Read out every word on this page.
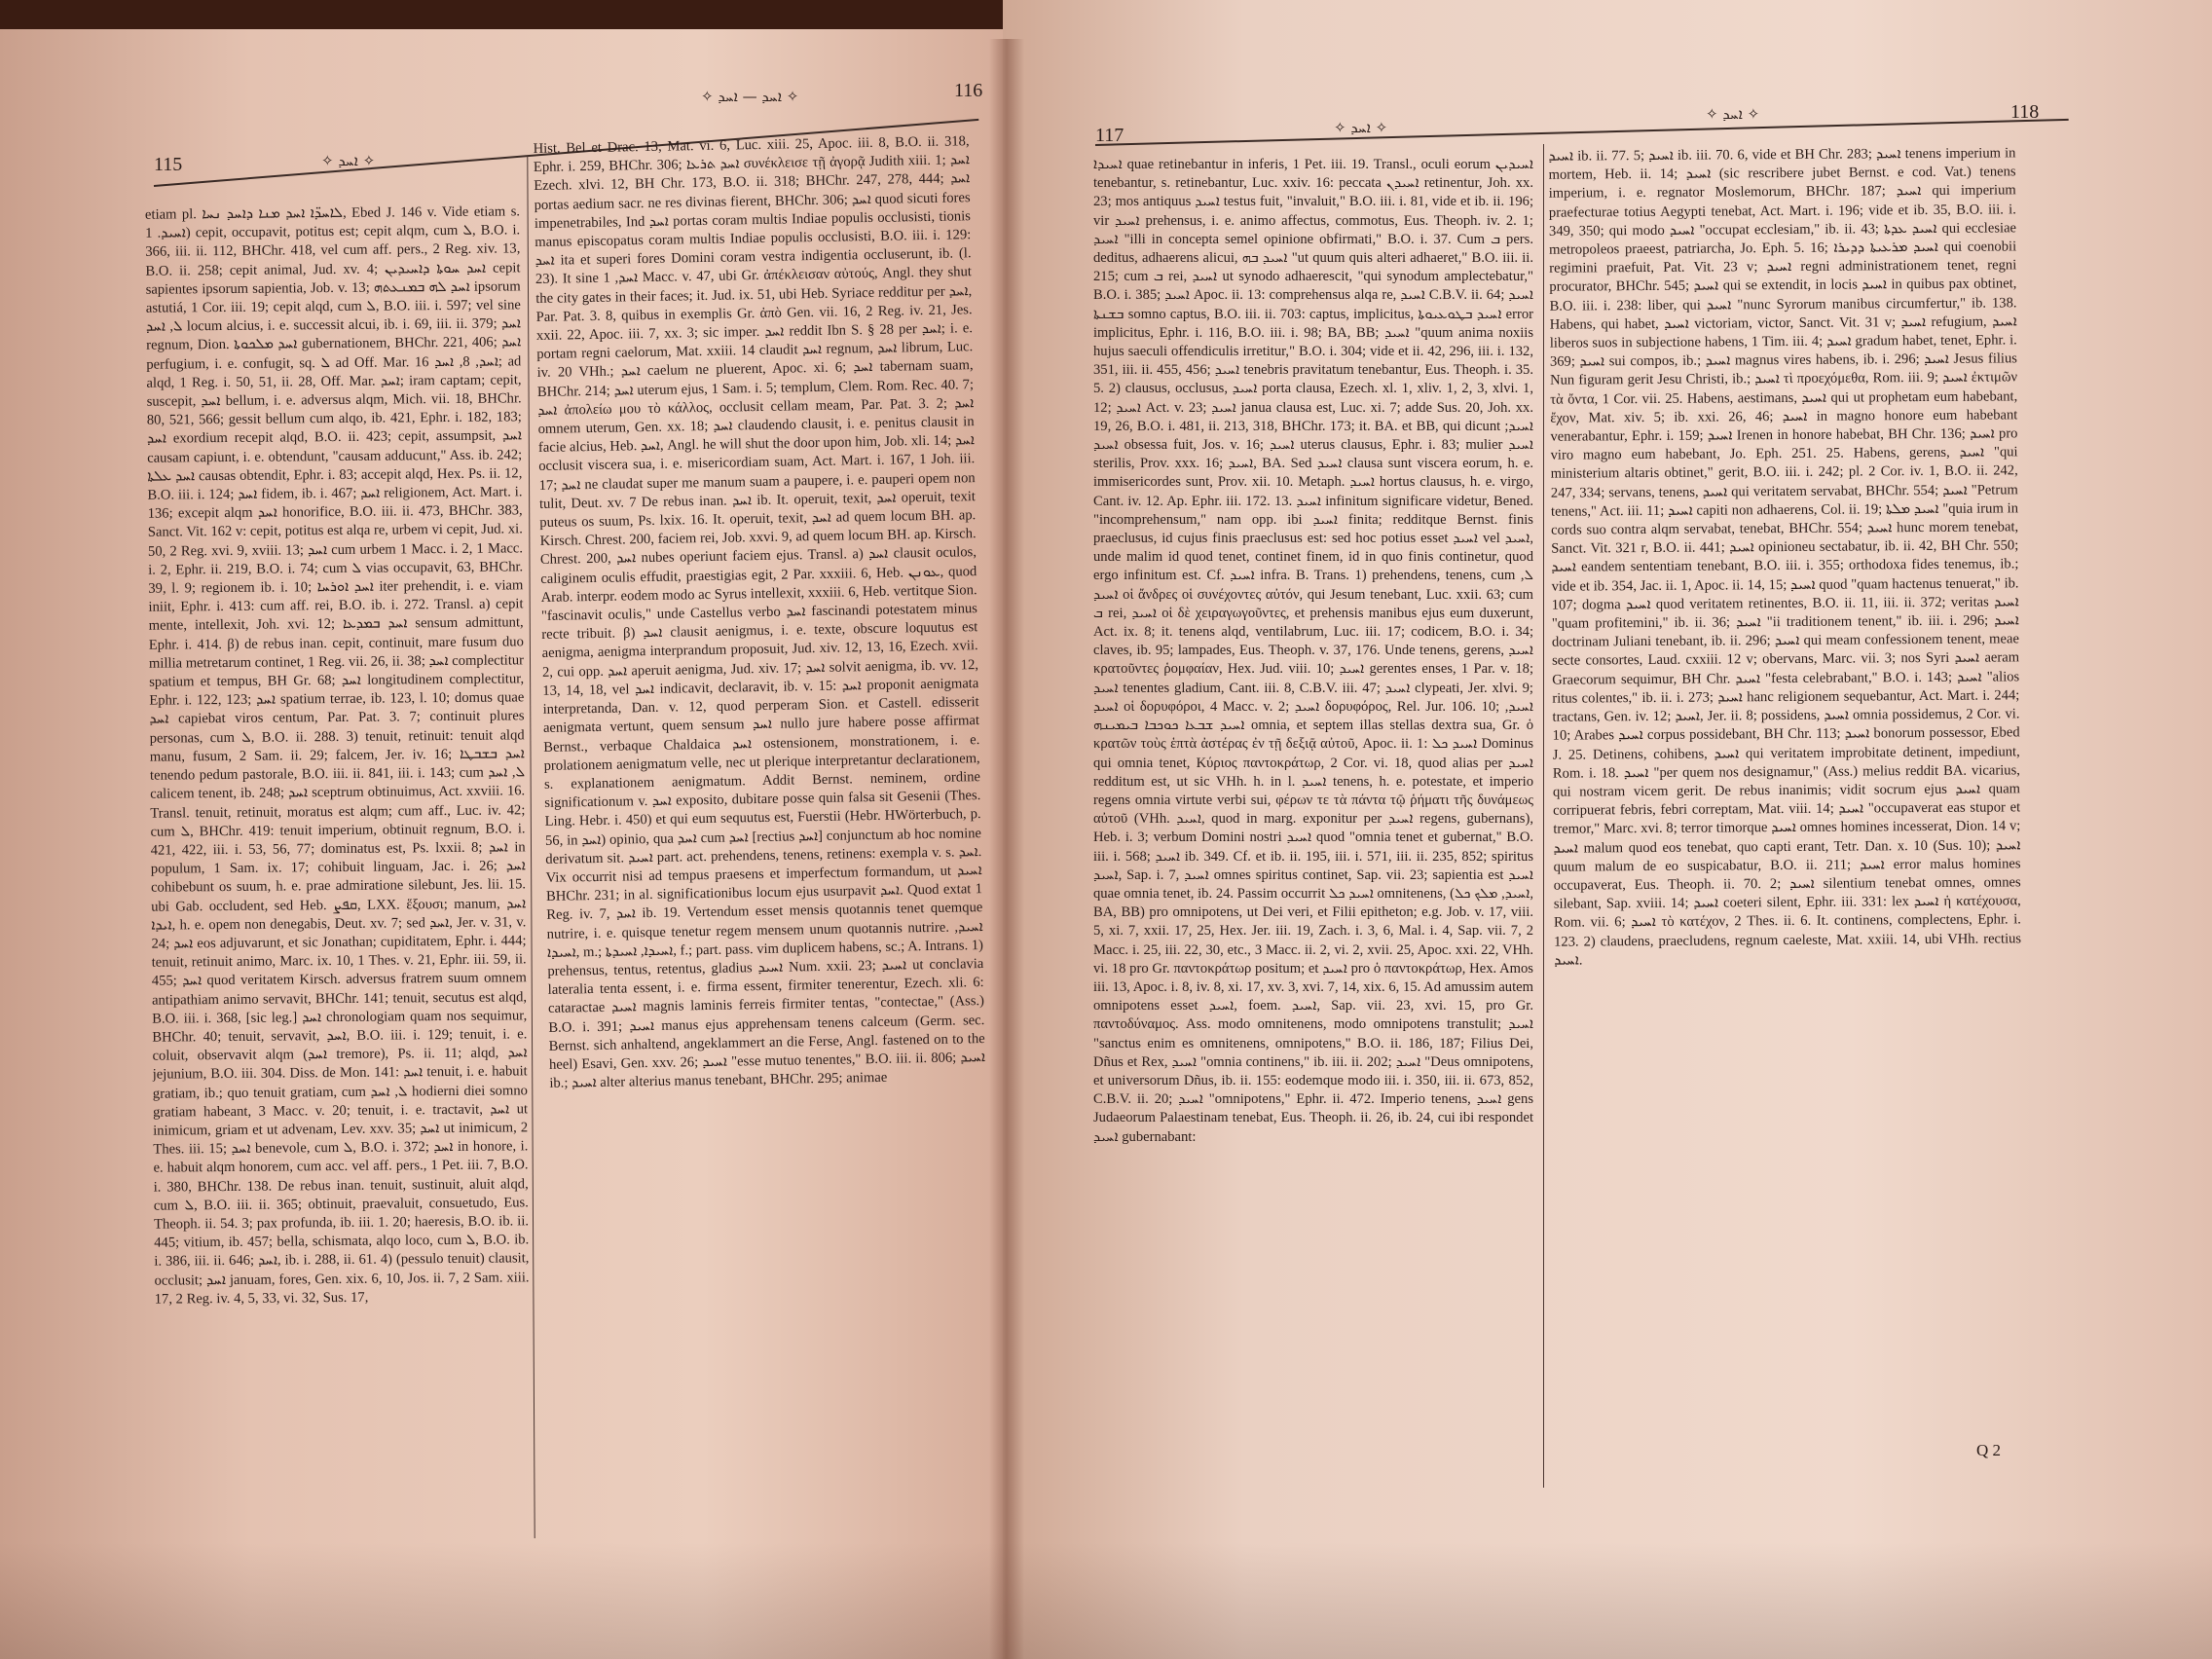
115	✧ ܐܚܕ ✧
✧ ܐܚܕ — ܐܚܕ ✧	116

etiam pl. ܠܐܚܕ̈ܐ ܐܚܕ ܡܢܐ ܕܐܚܕ ܢܚܐ, Ebed J. 146 v. Vide etiam s. ܐܚܝܕ. 1) cepit, occupavit, potitus est; cepit alqm, cum ܠ, B.O. i. 366, iii. ii. 112, BHChr. 418, vel cum aff. pers., 2 Reg. xiv. 13, B.O. ii. 258; cepit animal, Jud. xv. 4; ܐܚܕ ܚܘܬܐ ܕܐܚܝܕܝܢ cepit sapientes ipsorum sapientia, Job. v. 13; ܐܚܕ ܠܗ ܒܡܢܥܬܗ ipsorum astutiá, 1 Cor. iii. 19; cepit alqd, cum ܠ, B.O. iii. i. 597; vel sine ܠ, ܐܚܕ locum alcius, i. e. successit alcui, ib. i. 69, iii. ii. 379; ܐܚܕ regnum, Dion. ܐܚܕ ܡܠܟܘܬܐ gubernationem, BHChr. 221, 406; ܐܚܕ perfugium, i. e. confugit, sq. ܠ ad Off. Mar. ܐܚܕ, 8, ܐܚܕ 16; ad alqd, 1 Reg. i. 50, 51, ii. 28, Off. Mar. ܐܚܕ; iram captam; cepit, suscepit, ܐܚܕ bellum, i. e. adversus alqm, Mich. vii. 18, BHChr. 80, 521, 566; gessit bellum cum alqo, ib. 421, Ephr. i. 182, 183; ܐܚܕ exordium recepit alqd, B.O. ii. 423; cepit, assumpsit, ܐܚܕ causam capiunt, i. e. obtendunt, "causam adducunt," Ass. ib. 242; ܐܚܕ ܥܠܬܐ causas obtendit, Ephr. i. 83; accepit alqd, Hex. Ps. ii. 12, B.O. iii. i. 124; ܐܚܕ fidem, ib. i. 467; ܐܚܕ religionem, Act. Mart. i. 136; excepit alqm ܐܚܕ honorifice, B.O. iii. ii. 473, BHChr. 383, Sanct. Vit. 162 v: cepit, potitus est alqa re, urbem vi cepit, Jud. xi. 50, 2 Reg. xvi. 9, xviii. 13; ܐܚܕ cum urbem 1 Macc. i. 2, 1 Macc. i. 2, Ephr. ii. 219, B.O. i. 74; cum ܠ vias occupavit, 63, BHChr. 39, l. 9; regionem ib. i. 10; ܐܚܕ ܐܘܪܚܐ iter prehendit, i. e. viam iniit, Ephr. i. 413: cum aff. rei, B.O. ib. i. 272. Transl. a) cepit mente, intellexit, Joh. xvi. 12; ܐܚܕ ܒܡܕܥܐ sensum admittunt, Ephr. i. 414. β) de rebus inan. cepit, continuit, mare fusum duo millia metretarum continet, 1 Reg. vii. 26, ii. 38; ܐܚܕ complectitur spatium et tempus, BH Gr. 68; ܐܚܕ longitudinem complectitur, Ephr. i. 122, 123; ܐܚܕ spatium terrae, ib. 123, l. 10; domus quae ܐܚܕ capiebat viros centum, Par. Pat. 3. 7; continuit plures personas, cum ܠ, B.O. ii. 288. 3) tenuit, retinuit: tenuit alqd manu, fusum, 2 Sam. ii. 29; falcem, Jer. iv. 16; ܐܚܕ ܒܫܒܛܐ tenendo pedum pastorale, B.O. iii. ii. 841, iii. i. 143; cum ܠ, ܐܚܕ calicem tenent, ib. 248; ܐܚܕ sceptrum obtinuimus, Act. xxviii. 16. Transl. tenuit, retinuit, moratus est alqm; cum aff., Luc. iv. 42; cum ܠ, BHChr. 419: tenuit imperium, obtinuit regnum, B.O. i. 421, 422, iii. i. 53, 56, 77; dominatus est, Ps. lxxii. 8; ܐܚܕ in populum, 1 Sam. ix. 17; cohibuit linguam, Jac. i. 26; ܐܚܕ cohibebunt os suum, h. e. prae admiratione silebunt, Jes. lii. 15. ubi Gab. occludent, sed Heb. ܩܦܨ, LXX. ἕξουσι; manum, ܐܚܕ ܐܝܕܐ, h. e. opem non denegabis, Deut. xv. 7; sed ܐܚܕ, Jer. v. 31, v. 24; ܐܚܕ eos adjuvarunt, et sic Jonathan; cupiditatem, Ephr. i. 444; tenuit, retinuit animo, Marc. ix. 10, 1 Thes. v. 21, Ephr. iii. 59, ii. 455; ܐܚܕ quod veritatem Kirsch. adversus fratrem suum omnem antipathiam animo servavit, BHChr. 141; tenuit, secutus est alqd, B.O. iii. i. 368, [sic leg.] ܐܚܕ chronologiam quam nos sequimur, BHChr. 40; tenuit, servavit, ܐܚܕ, B.O. iii. i. 129; tenuit, i. e. coluit, observavit alqm (ܐܚܕ tremore), Ps. ii. 11; alqd, ܐܚܕ jejunium, B.O. iii. 304. Diss. de Mon. 141: ܐܚܕ tenuit, i. e. habuit gratiam, ib.; quo tenuit gratiam, cum ܠ, ܐܚܕ hodierni diei somno gratiam habeant, 3 Macc. v. 20; tenuit, i. e. tractavit, ܐܚܕ ut inimicum, griam et ut advenam, Lev. xxv. 35; ܐܚܕ ut inimicum, 2 Thes. iii. 15; ܐܚܕ benevole, cum ܠ, B.O. i. 372; ܐܚܕ in honore, i. e. habuit alqm honorem, cum acc. vel aff. pers., 1 Pet. iii. 7, B.O. i. 380, BHChr. 138. De rebus inan. tenuit, sustinuit, aluit alqd, cum ܠ, B.O. iii. ii. 365; obtinuit, praevaluit, consuetudo, Eus. Theoph. ii. 54. 3; pax profunda, ib. iii. 1. 20; haeresis, B.O. ib. ii. 445; vitium, ib. 457; bella, schismata, alqo loco, cum ܠ, B.O. ib. i. 386, iii. ii. 646; ܐܚܕ, ib. i. 288, ii. 61. 4) (pessulo tenuit) clausit, occlusit; ܐܚܕ januam, fores, Gen. xix. 6, 10, Jos. ii. 7, 2 Sam. xiii. 17, 2 Reg. iv. 4, 5, 33, vi. 32, Sus. 17,

Hist. Bel et Drac. 13, Mat. vi. 6, Luc. xiii. 25, Apoc. iii. 8, B.O. ii. 318, Ephr. i. 259, BHChr. 306; ܐܚܕ ܬܪܥܐ συνέκλεισε τῇ ἀγορᾷ Judith xiii. 1; ܐܚܕ Ezech. xlvi. 12, BH Chr. 173, B.O. ii. 318; BHChr. 247, 278, 444; ܐܚܕ portas aedium sacr. ne res divinas fierent, BHChr. 306; ܐܚܕ quod sicuti fores impenetrabiles, Ind ܐܚܕ portas coram multis Indiae populis occlusisti, tionis manus episcopatus coram multis Indiae populis occlusisti, B.O. iii. i. 129: ܐܚܕ ita et superi fores Domini coram vestra indigentia occluserunt, ib. (l. 23). It sine ܐܚܕ, 1 Macc. v. 47, ubi Gr. ἀπέκλεισαν αὐτούς, Angl. they shut the city gates in their faces; it. Jud. ix. 51, ubi Heb. Syriace redditur per ܐܚܕ, Par. Pat. 3. 8, quibus in exemplis Gr. ἀπὸ Gen. vii. 16, 2 Reg. iv. 21, Jes. xxii. 22, Apoc. iii. 7, xx. 3; sic imper. ܐܚܕ reddit Ibn S. § 28 per ܐܚܕ; i. e. portam regni caelorum, Mat. xxiii. 14 claudit ܐܚܕ regnum, ܐܚܕ librum, Luc. iv. 20 VHh.; ܐܚܕ caelum ne pluerent, Apoc. xi. 6; ܐܚܕ tabernam suam, BHChr. 214; ܐܚܕ uterum ejus, 1 Sam. i. 5; templum, Clem. Rom. Rec. 40. 7; ܐܚܕ ἀπολείω μου τὸ κάλλος, occlusit cellam meam, Par. Pat. 3. 2; ܐܚܕ omnem uterum, Gen. xx. 18; ܐܚܕ claudendo clausit, i. e. penitus clausit in facie alcius, Heb. ܐܚܕ, Angl. he will shut the door upon him, Job. xli. 14; ܐܚܕ occlusit viscera sua, i. e. misericordiam suam, Act. Mart. i. 167, 1 Joh. iii. 17; ܐܚܕ ne claudat super me manum suam a paupere, i. e. pauperi opem non tulit, Deut. xv. 7 De rebus inan. ܐܚܕ ib. It. operuit, texit, ܐܚܕ operuit, texit puteus os suum, Ps. lxix. 16. It. operuit, texit, ܐܚܕ ad quem locum BH. ap. Kirsch. Chrest. 200, faciem rei, Job. xxvi. 9, ad quem locum BH. ap. Kirsch. Chrest. 200, ܐܚܕ nubes operiunt faciem ejus. Transl. a) ܐܚܕ clausit oculos, caliginem oculis effudit, praestigias egit, 2 Par. xxxiii. 6, Heb. ܥܘܢܢ, quod Arab. interpr. eodem modo ac Syrus intellexit, xxxiii. 6, Heb. vertitque Sion. "fascinavit oculis," unde Castellus verbo ܐܚܕ fascinandi potestatem minus recte tribuit. β) ܐܚܕ clausit aenigmus, i. e. texte, obscure loquutus est aenigma, aenigma interprandum proposuit, Jud. xiv. 12, 13, 16, Ezech. xvii. 2, cui opp. ܐܚܕ aperuit aenigma, Jud. xiv. 17; ܐܚܕ solvit aenigma, ib. vv. 12, 13, 14, 18, vel ܐܚܕ indicavit, declaravit, ib. v. 15: ܐܚܕ proponit aenigmata interpretanda, Dan. v. 12, quod perperam Sion. et Castell. edisserit aenigmata vertunt, quem sensum ܐܚܕ nullo jure habere posse affirmat Bernst., verbaque Chaldaica ܐܚܕ ostensionem, monstrationem, i. e. prolationem aenigmatum velle, nec ut plerique interpretantur declarationem, s. explanationem aenigmatum. Addit Bernst. neminem, ordine significationum v. ܐܚܕ exposito, dubitare posse quin falsa sit Gesenii (Thes. Ling. Hebr. i. 450) et qui eum sequutus est, Fuerstii (Hebr. HWörterbuch, p. 56, in ܐܚܕ) opinio, qua ܐܚܕ cum ܐܚܕ [rectius ܐܚܕ] conjunctum ab hoc nomine derivatum sit. ܐܚܝܕ part. act. prehendens, tenens, retinens: exempla v. s. ܐܚܕ. Vix occurrit nisi ad tempus praesens et imperfectum formandum, ut ܐܚܝܕ BHChr. 231; in al. significationibus locum ejus usurpavit ܐܚܕ. Quod extat 1 Reg. iv. 7, ܐܚܕ ib. 19. Vertendum esset mensis quotannis tenet quemque nutrire, i. e. quisque tenetur regem mensem unum quotannis nutrire. ܐܚܝܕ, ܐܚܝܕܐ, m.; ܐܚܝܕܐ, ܐܚܝܕܬܐ, f.; part. pass. vim duplicem habens, sc.; A. Intrans. 1) prehensus, tentus, retentus, gladius ܐܚܝܕ Num. xxii. 23; ܐܚܝܕ ut conclavia lateralia tenta essent, i. e. firma essent, firmiter tenerentur, Ezech. xli. 6: cataractae ܐܚܝܕ magnis laminis ferreis firmiter tentas, "contectae," (Ass.) B.O. i. 391; ܐܚܝܕ manus ejus apprehensam tenens calceum (Germ. sec. Bernst. sich anhaltend, angeklammert an die Ferse, Angl. fastened on to the heel) Esavi, Gen. xxv. 26; ܐܚܝܕ "esse mutuo tenentes," B.O. iii. ii. 806; ܐܚܝܕ ib.; ܐܚܝܕ alter alterius manus tenebant, BHChr. 295; animae

117	✧ ܐܚܕ ✧
✧ ܐܚܕ ✧	118

ܐܚܝܕܐ quae retinebantur in inferis, 1 Pet. iii. 19. Transl., oculi eorum ܐܚܝܕܝܢ tenebantur, s. retinebantur, Luc. xxiv. 16: peccata ܐܚܝܕܢ retinentur, Joh. xx. 23; mos antiquus ܐܚܝܕ testus fuit, "invaluit," B.O. iii. i. 81, vide et ib. ii. 196; vir ܐܚܝܕ prehensus, i. e. animo affectus, commotus, Eus. Theoph. iv. 2. 1; ܐܚܝܕ "illi in concepta semel opinione obfirmati," B.O. i. 37. Cum ܒ pers. deditus, adhaerens alicui, ܐܚܝܕ ܒܗ "ut quum quis alteri adhaeret," B.O. iii. ii. 215; cum ܒ rei, ܐܚܝܕ ut synodo adhaerescit, "qui synodum amplectebatur," B.O. i. 385; ܐܚܝܕ Apoc. ii. 13: comprehensus alqa re, ܐܚܝܕ C.B.V. ii. 64; ܐܚܝܕ ܒܫܢܬܐ somno captus, B.O. iii. ii. 703: captus, implicitus, ܐܚܝܕ ܒܛܘܥܝܘܬܐ error implicitus, Ephr. i. 116, B.O. iii. i. 98; BA, BB; ܐܚܝܕ "quum anima noxiis hujus saeculi offendiculis irretitur," B.O. i. 304; vide et ii. 42, 296, iii. i. 132, 351, iii. ii. 455, 456; ܐܚܝܕ tenebris pravitatum tenebantur, Eus. Theoph. i. 35. 5. 2) clausus, occlusus, ܐܚܝܕ porta clausa, Ezech. xl. 1, xliv. 1, 2, 3, xlvi. 1, 12; ܐܚܝܕ Act. v. 23; ܐܚܝܕ janua clausa est, Luc. xi. 7; adde Sus. 20, Joh. xx. 19, 26, B.O. i. 481, ii. 213, 318, BHChr. 173; it. BA. et BB, qui dicunt ܐܚܝܕ; ܐܚܝܕ obsessa fuit, Jos. v. 16; ܐܚܝܕ uterus clausus, Ephr. i. 83; mulier ܐܚܝܕ sterilis, Prov. xxx. 16; ܐܚܝܕ, BA. Sed ܐܚܝܕ clausa sunt viscera eorum, h. e. immisericordes sunt, Prov. xii. 10. Metaph. ܐܚܝܕ hortus clausus, h. e. virgo, Cant. iv. 12. Ap. Ephr. iii. 172. 13. ܐܚܝܕ infinitum significare videtur, Bened. "incomprehensum," nam opp. ibi ܐܚܝܕ finita; redditque Bernst. finis praeclusus, id cujus finis praeclusus est: sed hoc potius esset ܐܚܝܕ vel ܐܚܝܕ, unde malim id quod tenet, continet finem, id in quo finis continetur, quod ergo infinitum est. Cf. ܐܚܝܕ infra. B. Trans. 1) prehendens, tenens, cum ܠ, ܐܚܝܕ οἱ ἄνδρες οἱ συνέχοντες αὐτόν, qui Jesum tenebant, Luc. xxii. 63; cum ܒ rei, ܐܚܝܕ οἱ δὲ χειραγωγοῦντες, et prehensis manibus ejus eum duxerunt, Act. ix. 8; it. tenens alqd, ventilabrum, Luc. iii. 17; codicem, B.O. i. 34; claves, ib. 95; lampades, Eus. Theoph. v. 37, 176. Unde tenens, gerens, ܐܚܝܕ κρατοῦντες ῥομφαίαν, Hex. Jud. viii. 10; ܐܚܝܕ gerentes enses, 1 Par. v. 18; ܐܚܝܕ tenentes gladium, Cant. iii. 8, C.B.V. iii. 47; ܐܚܝܕ clypeati, Jer. xlvi. 9; ܐܚܝܕ οἱ δορυφόροι, 4 Macc. v. 2; ܐܚܝܕ δορυφόρος, Rel. Jur. 106. 10; ܐܚܝܕ, ܐܚܝܕ ܫܒܥܐ ܟܘܟܒܐ ܒܝܡܝܢܗ omnia, et septem illas stellas dextra sua, Gr. ὁ κρατῶν τοὺς ἑπτὰ ἀστέρας ἐν τῇ δεξιᾷ αὐτοῦ, Apoc. ii. 1: ܐܚܝܕ ܟܠ Dominus qui omnia tenet, Κύριος παντοκράτωρ, 2 Cor. vi. 18, quod alias per ܐܚܝܕ redditum est, ut sic VHh. h. in l. ܐܚܝܕ tenens, h. e. potestate, et imperio regens omnia virtute verbi sui, φέρων τε τὰ πάντα τῷ ῥήματι τῆς δυνάμεως αὐτοῦ (VHh. ܐܚܝܕ, quod in marg. exponitur per ܐܚܝܕ regens, gubernans), Heb. i. 3; verbum Domini nostri ܐܚܝܕ quod "omnia tenet et gubernat," B.O. iii. i. 568; ܐܚܝܕ ib. 349. Cf. et ib. ii. 195, iii. i. 571, iii. ii. 235, 852; spiritus ܐܚܝܕ, Sap. i. 7, ܐܚܝܕ omnes spiritus continet, Sap. vii. 23; sapientia est ܐܚܝܕ quae omnia tenet, ib. 24. Passim occurrit ܐܚܝܕ ܟܠ omnitenens, (ܐܚܝܕ, ܡܠܟ ܟܠ, BA, BB) pro omnipotens, ut Dei veri, et Filii epitheton; e.g. Job. v. 17, viii. 5, xi. 7, xxii. 17, 25, Hex. Jer. iii. 19, Zach. i. 3, 6, Mal. i. 4, Sap. vii. 7, 2 Macc. i. 25, iii. 22, 30, etc., 3 Macc. ii. 2, vi. 2, xvii. 25, Apoc. xxi. 22, VHh. vi. 18 pro Gr. παντοκράτωρ positum; et ܐܚܝܕ pro ὁ παντοκράτωρ, Hex. Amos iii. 13, Apoc. i. 8, iv. 8, xi. 17, xv. 3, xvi. 7, 14, xix. 6, 15. Ad amussim autem omnipotens esset ܐܚܝܕ, foem. ܐܚܝܕ, Sap. vii. 23, xvi. 15, pro Gr. παντοδύναμος. Ass. modo omnitenens, modo omnipotens transtulit; ܐܚܝܕ "sanctus enim es omnitenens, omnipotens," B.O. ii. 186, 187; Filius Dei, Dñus et Rex, ܐܚܝܕ "omnia continens," ib. iii. ii. 202; ܐܚܝܕ "Deus omnipotens, et universorum Dñus, ib. ii. 155: eodemque modo iii. i. 350, iii. ii. 673, 852, C.B.V. ii. 20; ܐܚܝܕ "omnipotens," Ephr. ii. 472. Imperio tenens, ܐܚܝܕ gens Judaeorum Palaestinam tenebat, Eus. Theoph. ii. 26, ib. 24, cui ibi respondet ܐܚܝܕ gubernabant:

ܐܚܝܕ ib. ii. 77. 5; ܐܚܝܕ ib. iii. 70. 6, vide et BH Chr. 283; ܐܚܝܕ tenens imperium in mortem, Heb. ii. 14; ܐܚܝܕ (sic rescribere jubet Bernst. e cod. Vat.) tenens imperium, i. e. regnator Moslemorum, BHChr. 187; ܐܚܝܕ qui imperium praefecturae totius Aegypti tenebat, Act. Mart. i. 196; vide et ib. 35, B.O. iii. i. 349, 350; qui modo ܐܚܝܕ "occupat ecclesiam," ib. ii. 43; ܐܚܝܕ ܥܕܬܐ qui ecclesiae metropoleos praeest, patriarcha, Jo. Eph. 5. 16; ܐܚܝܕ ܡܪܥܝܬܐ ܕܕܝܪܐ qui coenobii regimini praefuit, Pat. Vit. 23 v; ܐܚܝܕ regni administrationem tenet, regni procurator, BHChr. 545; ܐܚܝܕ qui se extendit, in locis ܐܚܝܕ in quibus pax obtinet, B.O. iii. i. 238: liber, qui ܐܚܝܕ "nunc Syrorum manibus circumfertur," ib. 138. Habens, qui habet, ܐܚܝܕ victoriam, victor, Sanct. Vit. 31 v; ܐܚܝܕ refugium, ܐܚܝܕ liberos suos in subjectione habens, 1 Tim. iii. 4; ܐܚܝܕ gradum habet, tenet, Ephr. i. 369; ܐܚܝܕ sui compos, ib.; ܐܚܝܕ magnus vires habens, ib. i. 296; ܐܚܝܕ Jesus filius Nun figuram gerit Jesu Christi, ib.; ܐܚܝܕ τὶ προεχόμεθα, Rom. iii. 9; ܐܚܝܕ ἐκτιμῶν τὰ ὄντα, 1 Cor. vii. 25. Habens, aestimans, ܐܚܝܕ qui ut prophetam eum habebant, ἔχον, Mat. xiv. 5; ib. xxi. 26, 46; ܐܚܝܕ in magno honore eum habebant venerabantur, Ephr. i. 159; ܐܚܝܕ Irenen in honore habebat, BH Chr. 136; ܐܚܝܕ pro viro magno eum habebant, Jo. Eph. 251. 25. Habens, gerens, ܐܚܝܕ "qui ministerium altaris obtinet," gerit, B.O. iii. i. 242; pl. 2 Cor. iv. 1, B.O. ii. 242, 247, 334; servans, tenens, ܐܚܝܕ qui veritatem servabat, BHChr. 554; ܐܚܝܕ "Petrum tenens," Act. iii. 11; ܐܚܝܕ capiti non adhaerens, Col. ii. 19; ܐܚܝܕ ܡܠܬܐ "quia irum in cords suo contra alqm servabat, tenebat, BHChr. 554; ܐܚܝܕ hunc morem tenebat, Sanct. Vit. 321 r, B.O. ii. 441; ܐܚܝܕ opinioneu sectabatur, ib. ii. 42, BH Chr. 550; ܐܚܝܕ eandem sententiam tenebant, B.O. iii. i. 355; orthodoxa fides tenemus, ib.; vide et ib. 354, Jac. ii. 1, Apoc. ii. 14, 15; ܐܚܝܕ quod "quam hactenus tenuerat," ib. 107; dogma ܐܚܝܕ quod veritatem retinentes, B.O. ii. 11, iii. ii. 372; veritas ܐܚܝܕ "quam profitemini," ib. ii. 36; ܐܚܝܕ "ii traditionem tenent," ib. iii. i. 296; ܐܚܝܕ doctrinam Juliani tenebant, ib. ii. 296; ܐܚܝܕ qui meam confessionem tenent, meae secte consortes, Laud. cxxiii. 12 v; obervans, Marc. vii. 3; nos Syri ܐܚܝܕ aeram Graecorum sequimur, BH Chr. ܐܚܝܕ "festa celebrabant," B.O. i. 143; ܐܚܝܕ "alios ritus colentes," ib. ii. i. 273; ܐܚܝܕ hanc religionem sequebantur, Act. Mart. i. 244; tractans, Gen. iv. 12; ܐܚܝܕ, Jer. ii. 8; possidens, ܐܚܝܕ omnia possidemus, 2 Cor. vi. 10; Arabes ܐܚܝܕ corpus possidebant, BH Chr. 113; ܐܚܝܕ bonorum possessor, Ebed J. 25. Detinens, cohibens, ܐܚܝܕ qui veritatem improbitate detinent, impediunt, Rom. i. 18. ܐܚܝܕ "per quem nos designamur," (Ass.) melius reddit BA. vicarius, qui nostram vicem gerit. De rebus inanimis; vidit socrum ejus ܐܚܝܕ quam corripuerat febris, febri correptam, Mat. viii. 14; ܐܚܝܕ "occupaverat eas stupor et tremor," Marc. xvi. 8; terror timorque ܐܚܝܕ omnes homines incesserat, Dion. 14 v; ܐܚܝܕ malum quod eos tenebat, quo capti erant, Tetr. Dan. x. 10 (Sus. 10); ܐܚܝܕ quum malum de eo suspicabatur, B.O. ii. 211; ܐܚܝܕ error malus homines occupaverat, Eus. Theoph. ii. 70. 2; ܐܚܝܕ silentium tenebat omnes, omnes silebant, Sap. xviii. 14; ܐܚܝܕ coeteri silent, Ephr. iii. 331: lex ܐܚܝܕ ἡ κατέχουσα, Rom. vii. 6; ܐܚܝܕ τὸ κατέχον, 2 Thes. ii. 6. It. continens, complectens, Ephr. i. 123. 2) claudens, praecludens, regnum caeleste, Mat. xxiii. 14, ubi VHh. rectius ܐܚܝܕ.

Q 2
